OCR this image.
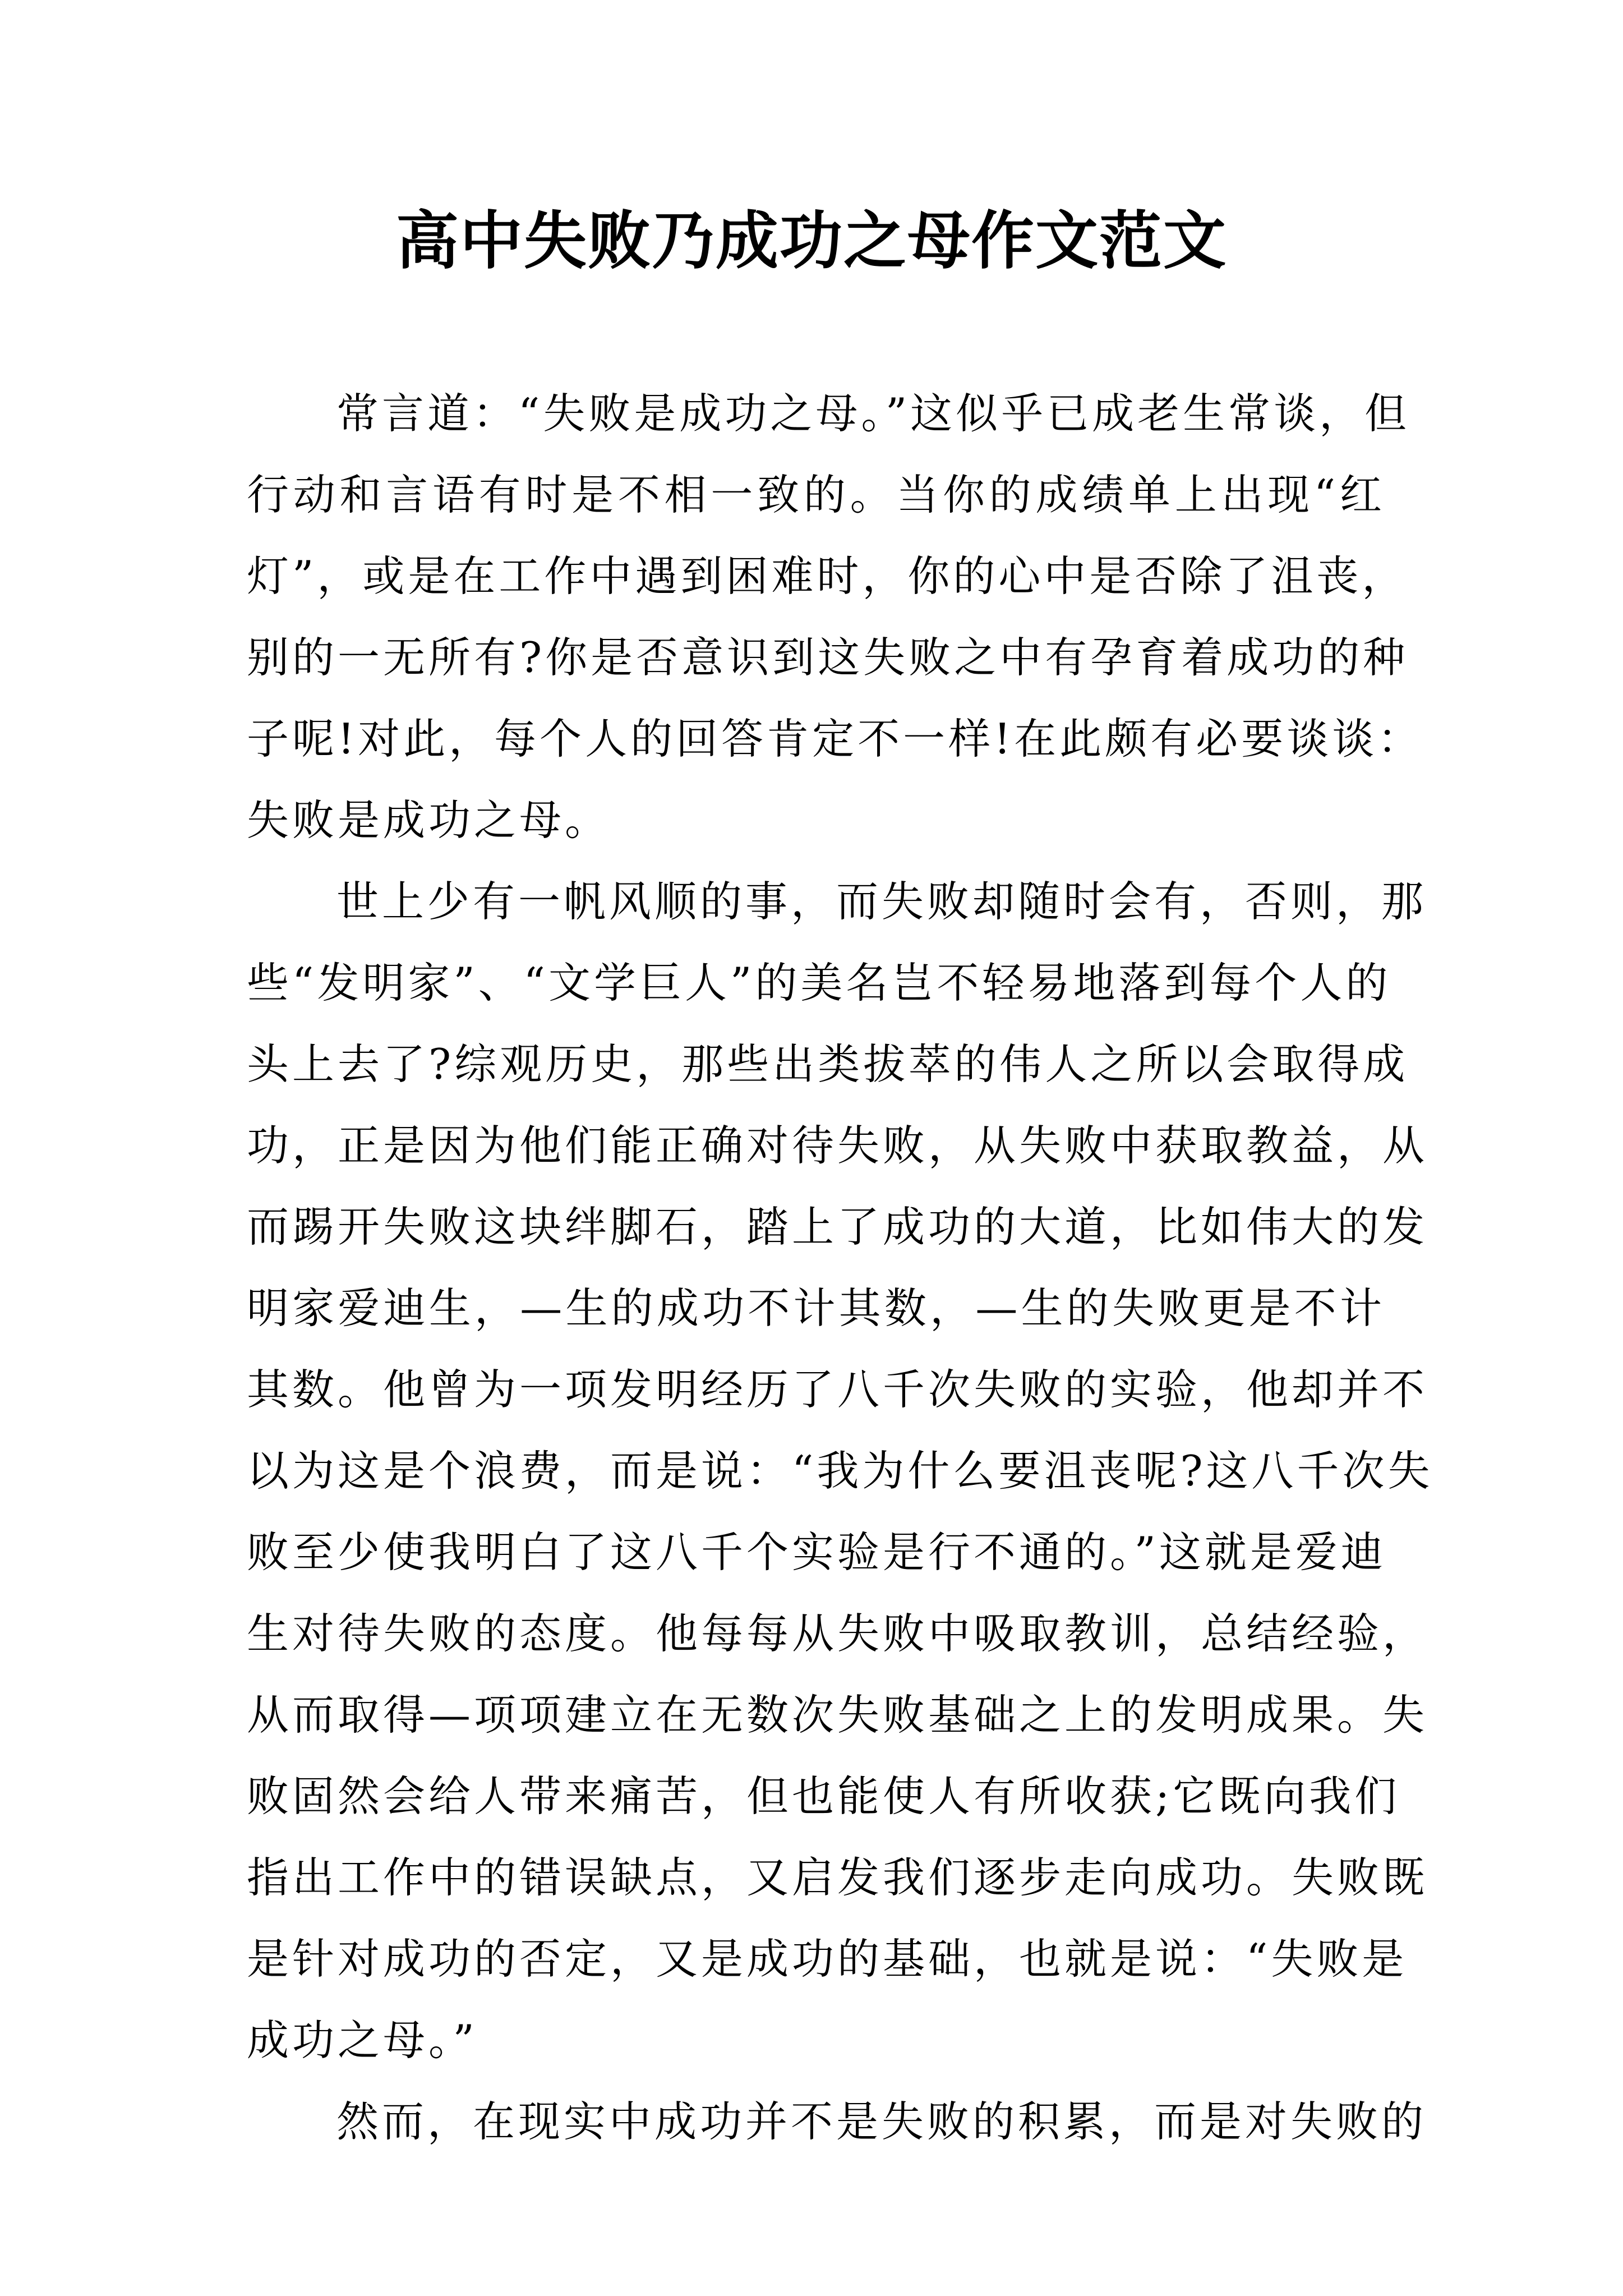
高中失败乃成功之母作文范文
常言道：“失败是成功之母。”这似乎已成老生常谈，但
行动和言语有时是不相一致的。当你的成绩单上出现“红
灯”，或是在工作中遇到困难时，你的心中是否除了沮丧，
别的一无所有?你是否意识到这失败之中有孕育着成功的种
子呢!对此，每个人的回答肯定不一样!在此颇有必要谈谈：
失败是成功之母。
世上少有一帆风顺的事，而失败却随时会有，否则，那
些“发明家”、“文学巨人”的美名岂不轻易地落到每个人的
头上去了?综观历史，那些出类拔萃的伟人之所以会取得成
功，正是因为他们能正确对待失败，从失败中获取教益，从
而踢开失败这块绊脚石，踏上了成功的大道，比如伟大的发
明家爱迪生，—生的成功不计其数，—生的失败更是不计
其数。他曾为一项发明经历了八千次失败的实验，他却并不
以为这是个浪费，而是说：“我为什么要沮丧呢?这八千次失
败至少使我明白了这八千个实验是行不通的。”这就是爱迪
生对待失败的态度。他每每从失败中吸取教训，总结经验，
从而取得—项项建立在无数次失败基础之上的发明成果。失
败固然会给人带来痛苦，但也能使人有所收获;它既向我们
指出工作中的错误缺点，又启发我们逐步走向成功。失败既
是针对成功的否定，又是成功的基础，也就是说：“失败是
成功之母。”
然而，在现实中成功并不是失败的积累，而是对失败的
